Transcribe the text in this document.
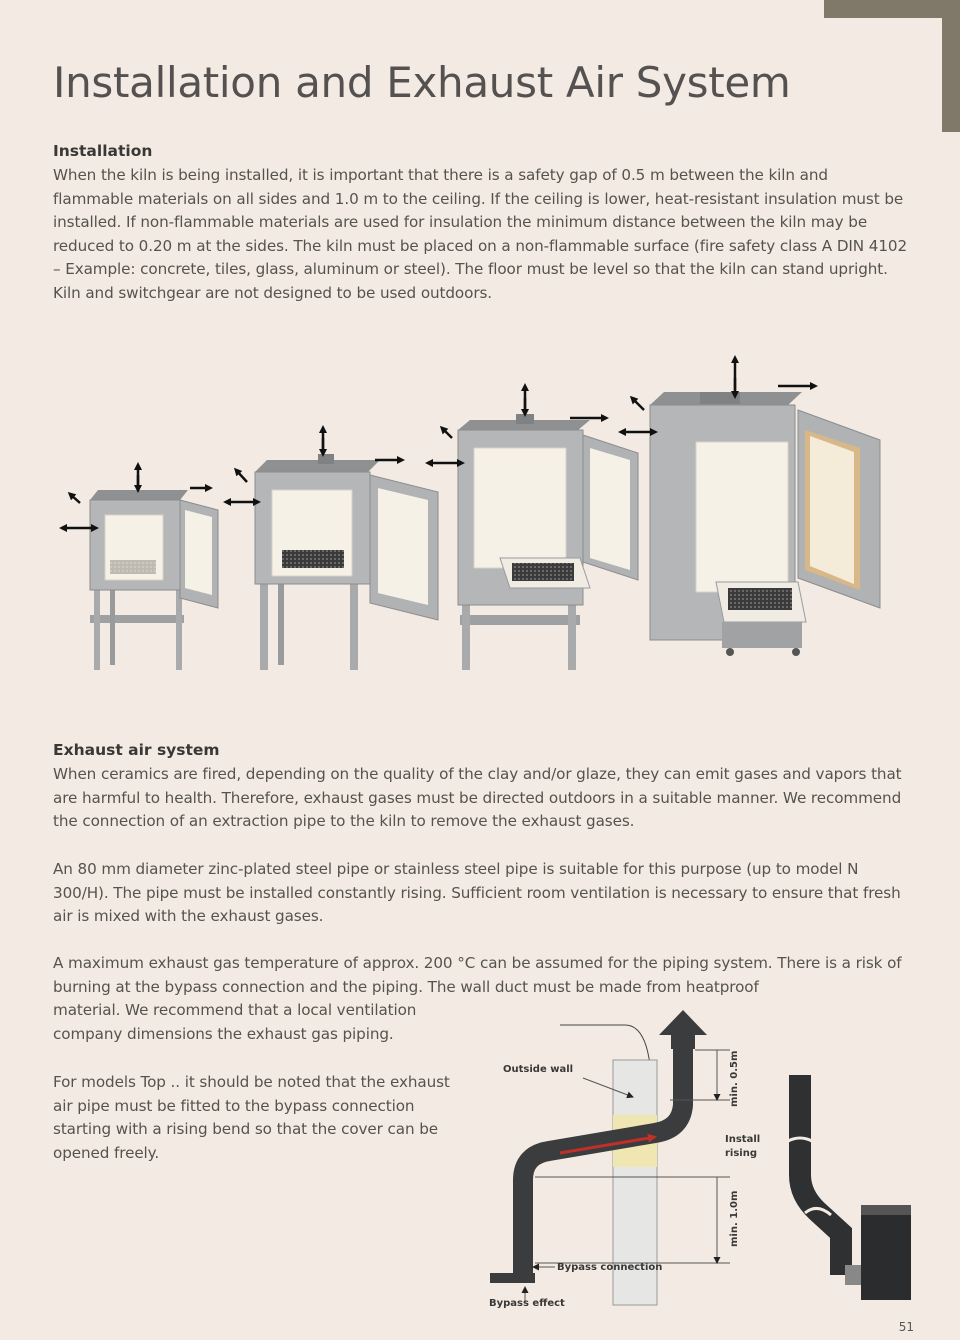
Installation and Exhaust Air System
Installation

When the kiln is being installed, it is important that there is a safety gap of 0.5 m between the kiln and flammable materials on all sides and 1.0 m to the ceiling. If the ceiling is lower, heat-resistant insulation must be installed. If non-flammable materials are used for insulation the minimum distance between the kiln may be reduced to 0.20 m at the sides. The kiln must be placed on a non-flammable surface (fire safety class A DIN 4102 – Example: concrete, tiles, glass, aluminum or steel). The floor must be level so that the kiln can stand upright. Kiln and switchgear are not designed to be used outdoors.

Exhaust air system

When ceramics are fired, depending on the quality of the clay and/or glaze, they can emit gases and vapors that are harmful to health. Therefore, exhaust gases must be directed outdoors in a suitable manner. We recommend the connection of an extraction pipe to the kiln to remove the exhaust gases.

An 80 mm diameter zinc-plated steel pipe or stainless steel pipe is suitable for this purpose (up to model N 300/H). The pipe must be installed constantly rising. Sufficient room ventilation is necessary to ensure that fresh air is mixed with the exhaust gases.

A maximum exhaust gas temperature of approx. 200 °C can be assumed for the piping system. There is a risk of burning at the bypass connection and the piping. The wall duct must be made from heatproof

material. We recommend that a local ventilation company dimensions the exhaust gas piping.

For models Top .. it should be noted that the exhaust air pipe must be fitted to the bypass connection starting with a rising bend so that the cover can be opened freely.

Outside wall	min. 0.5m
Install
rising
min. 1.0m
Bypass connection
Bypass effect
51
